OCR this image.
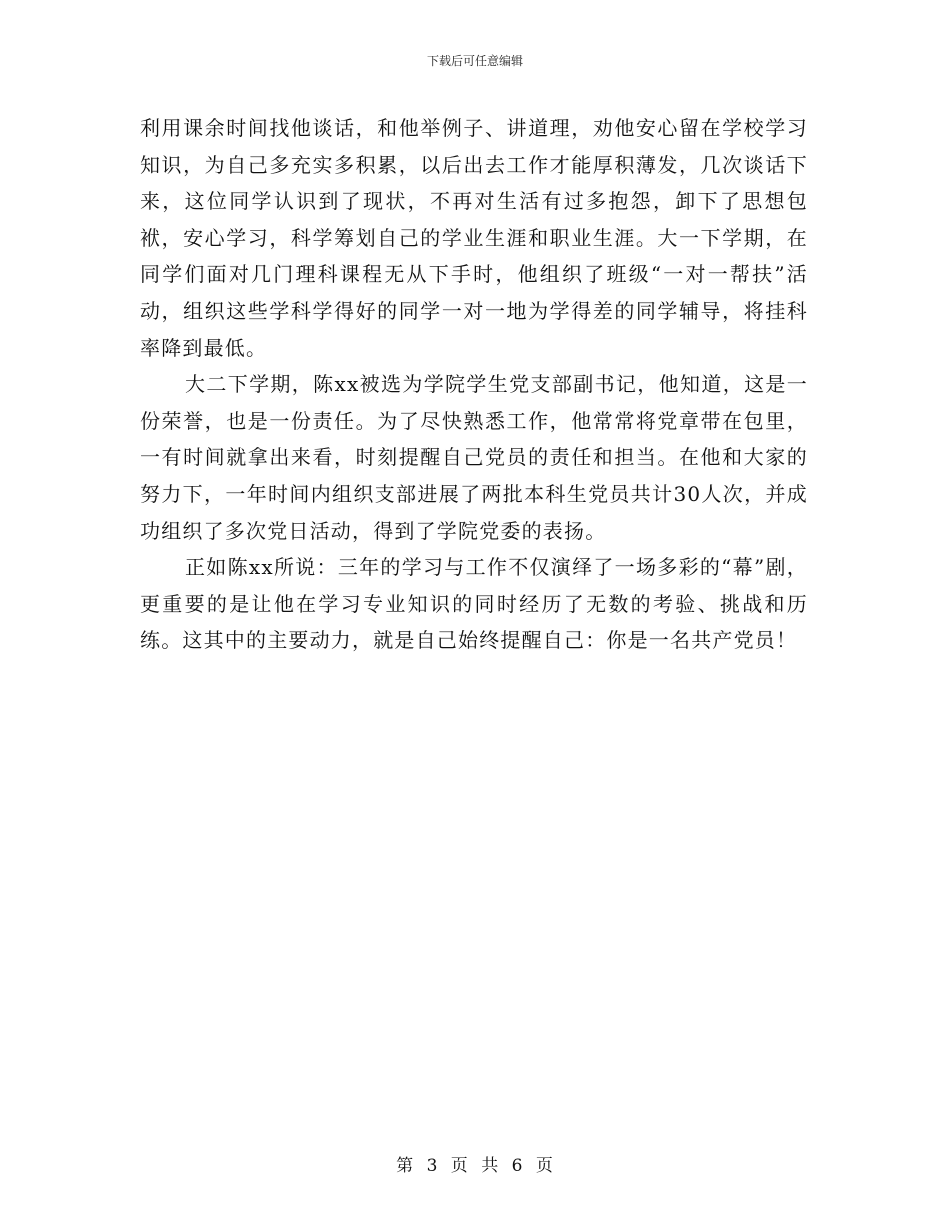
下载后可任意编辑

利用课余时间找他谈话，和他举例子、讲道理，劝他安心留在学校学习知识，为自己多充实多积累，以后出去工作才能厚积薄发，几次谈话下来，这位同学认识到了现状，不再对生活有过多抱怨，卸下了思想包袱，安心学习，科学筹划自己的学业生涯和职业生涯。大一下学期，在同学们面对几门理科课程无从下手时，他组织了班级“一对一帮扶”活动，组织这些学科学得好的同学一对一地为学得差的同学辅导，将挂科率降到最低。

大二下学期，陈xx被选为学院学生党支部副书记，他知道，这是一份荣誉，也是一份责任。为了尽快熟悉工作，他常常将党章带在包里，一有时间就拿出来看，时刻提醒自己党员的责任和担当。在他和大家的努力下，一年时间内组织支部进展了两批本科生党员共计30人次，并成功组织了多次党日活动，得到了学院党委的表扬。

正如陈xx所说：三年的学习与工作不仅演绎了一场多彩的“幕”剧，更重要的是让他在学习专业知识的同时经历了无数的考验、挑战和历练。这其中的主要动力，就是自己始终提醒自己：你是一名共产党员！

第 3 页 共 6 页
